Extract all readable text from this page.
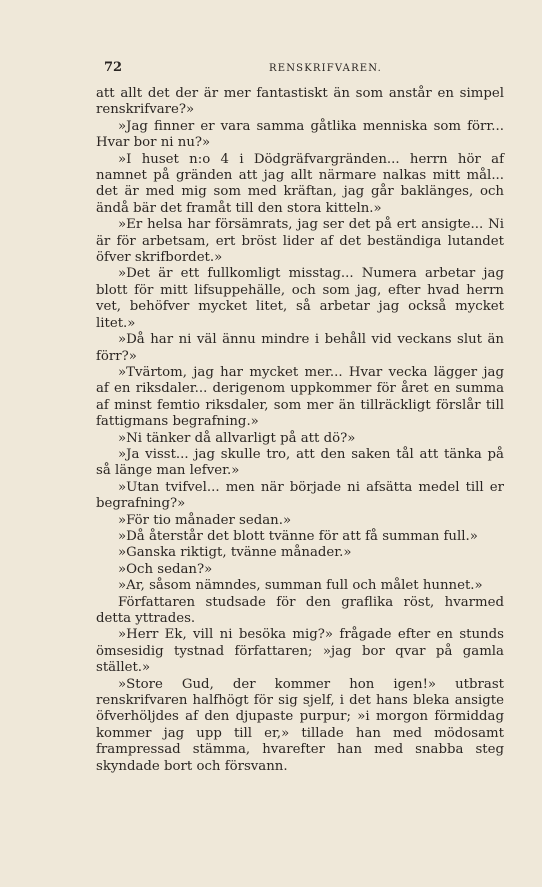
72	RENSKRIFVAREN.

att allt det der är mer fantastiskt än som anstår en simpel renskrifvare?»

»Jag finner er vara samma gåtlika menniska som förr... Hvar bor ni nu?»

»I huset n:o 4 i Dödgräfvargränden... herrn hör af namnet på gränden att jag allt närmare nalkas mitt mål... det är med mig som med kräftan, jag går baklänges, och ändå bär det framåt till den stora kitteln.»

»Er helsa har försämrats, jag ser det på ert ansigte... Ni är för arbetsam, ert bröst lider af det beständiga lutandet öfver skrifbordet.»

»Det är ett fullkomligt misstag... Numera arbetar jag blott för mitt lifsuppehälle, och som jag, efter hvad herrn vet, behöfver mycket litet, så arbetar jag också mycket litet.»

»Då har ni väl ännu mindre i behåll vid veckans slut än förr?»

»Tvärtom, jag har mycket mer... Hvar vecka lägger jag af en riksdaler... derigenom uppkommer för året en summa af minst femtio riksdaler, som mer än tillräckligt förslår till fattigmans begrafning.»

»Ni tänker då allvarligt på att dö?»

»Ja visst... jag skulle tro, att den saken tål att tänka på så länge man lefver.»

»Utan tvifvel... men när började ni afsätta medel till er begrafning?»

»För tio månader sedan.»

»Då återstår det blott tvänne för att få summan full.»

»Ganska riktigt, tvänne månader.»

»Och sedan?»

»Ar, såsom nämndes, summan full och målet hunnet.»

Författaren studsade för den graflika röst, hvarmed detta yttrades.

»Herr Ek, vill ni besöka mig?» frågade efter en stunds ömsesidig tystnad författaren; »jag bor qvar på gamla stället.»

»Store Gud, der kommer hon igen!» utbrast renskrifvaren halfhögt för sig sjelf, i det hans bleka ansigte öfverhöljdes af den djupaste purpur; »i morgon förmiddag kommer jag upp till er,» tillade han med mödosamt frampressad stämma, hvarefter han med snabba steg skyndade bort och försvann.
